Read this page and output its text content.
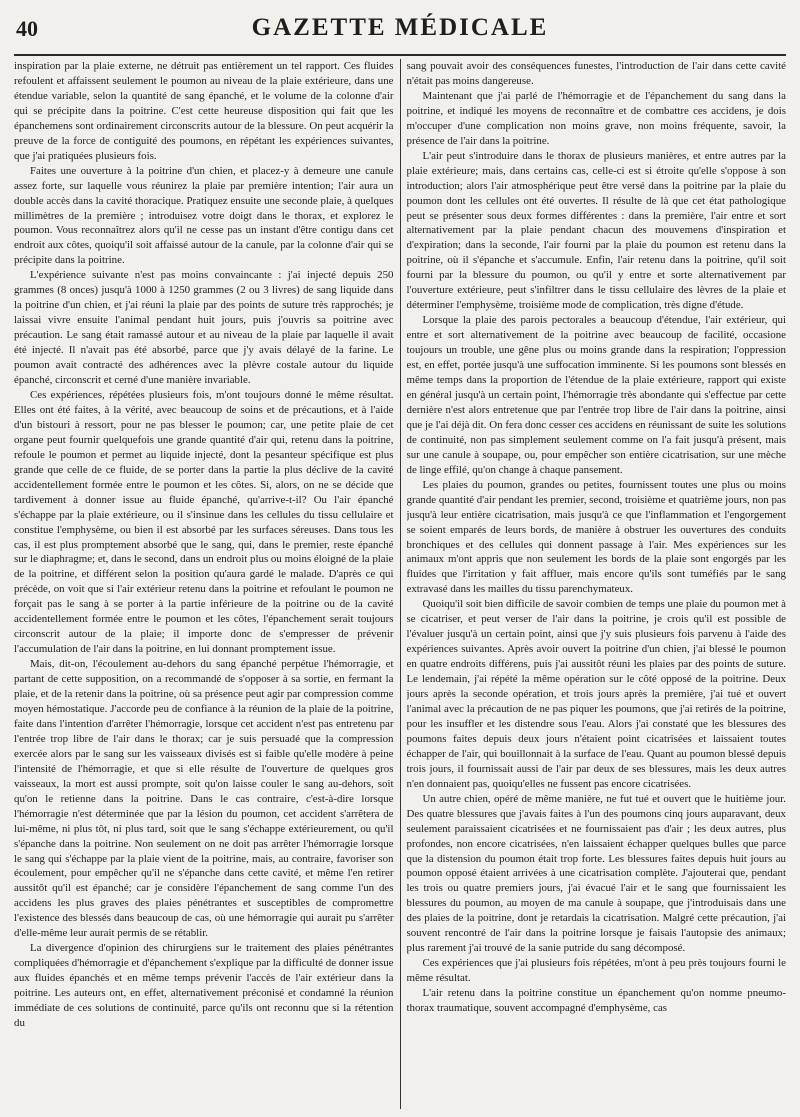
40	GAZETTE MÉDICALE

inspiration par la plaie externe, ne détruit pas entièrement un tel rapport. Ces fluides refoulent et affaissent seulement le poumon au niveau de la plaie extérieure, dans une étendue variable, selon la quantité de sang épanché, et le volume de la colonne d'air qui se précipite dans la poitrine. C'est cette heureuse disposition qui fait que les épanchemens sont ordinairement circonscrits autour de la blessure. On peut acquérir la preuve de la force de contiguité des poumons, en répétant les expériences suivantes, que j'ai pratiquées plusieurs fois.

Faites une ouverture à la poitrine d'un chien, et placez-y à demeure une canule assez forte, sur laquelle vous réunirez la plaie par première intention; l'air aura un double accès dans la cavité thoracique. Pratiquez ensuite une seconde plaie, à quelques millimètres de la première ; introduisez votre doigt dans le thorax, et explorez le poumon. Vous reconnaîtrez alors qu'il ne cesse pas un instant d'être contigu dans cet endroit aux côtes, quoiqu'il soit affaissé autour de la canule, par la colonne d'air qui se précipite dans la poitrine.

L'expérience suivante n'est pas moins convaincante : j'ai injecté depuis 250 grammes (8 onces) jusqu'à 1000 à 1250 grammes (2 ou 3 livres) de sang liquide dans la poitrine d'un chien, et j'ai réuni la plaie par des points de suture très rapprochés; je laissai vivre ensuite l'animal pendant huit jours, puis j'ouvris sa poitrine avec précaution. Le sang était ramassé autour et au niveau de la plaie par laquelle il avait été injecté. Il n'avait pas été absorbé, parce que j'y avais délayé de la farine. Le poumon avait contracté des adhérences avec la plèvre costale autour du liquide épanché, circonscrit et cerné d'une manière invariable.

Ces expériences, répétées plusieurs fois, m'ont toujours donné le même résultat. Elles ont été faites, à la vérité, avec beaucoup de soins et de précautions, et à l'aide d'un bistouri à ressort, pour ne pas blesser le poumon; car, une petite plaie de cet organe peut fournir quelquefois une grande quantité d'air qui, retenu dans la poitrine, refoule le poumon et permet au liquide injecté, dont la pesanteur spécifique est plus grande que celle de ce fluide, de se porter dans la partie la plus déclive de la cavité accidentellement formée entre le poumon et les côtes. Si, alors, on ne se décide que tardivement à donner issue au fluide épanché, qu'arrive-t-il? Ou l'air épanché s'échappe par la plaie extérieure, ou il s'insinue dans les cellules du tissu cellulaire et constitue l'emphysème, ou bien il est absorbé par les surfaces séreuses. Dans tous les cas, il est plus promptement absorbé que le sang, qui, dans le premier, reste épanché sur le diaphragme; et, dans le second, dans un endroit plus ou moins éloigné de la plaie de la poitrine, et différent selon la position qu'aura gardé le malade. D'après ce qui précède, on voit que si l'air extérieur retenu dans la poitrine et refoulant le poumon ne forçait pas le sang à se porter à la partie inférieure de la poitrine ou de la cavité accidentellement formée entre le poumon et les côtes, l'épanchement serait toujours circonscrit autour de la plaie; il importe donc de s'empresser de prévenir l'accumulation de l'air dans la poitrine, en lui donnant promptement issue.

Mais, dit-on, l'écoulement au-dehors du sang épanché perpétue l'hémorragie, et partant de cette supposition, on a recommandé de s'opposer à sa sortie, en fermant la plaie, et de la retenir dans la poitrine, où sa présence peut agir par compression comme moyen hémostatique. J'accorde peu de confiance à la réunion de la plaie de la poitrine, faite dans l'intention d'arrêter l'hémorragie, lorsque cet accident n'est pas entretenu par l'entrée trop libre de l'air dans le thorax; car je suis persuadé que la compression exercée alors par le sang sur les vaisseaux divisés est si faible qu'elle modère à peine l'intensité de l'hémorragie, et que si elle résulte de l'ouverture de quelques gros vaisseaux, la mort est aussi prompte, soit qu'on laisse couler le sang au-dehors, soit qu'on le retienne dans la poitrine. Dans le cas contraire, c'est-à-dire lorsque l'hémorragie n'est déterminée que par la lésion du poumon, cet accident s'arrêtera de lui-même, ni plus tôt, ni plus tard, soit que le sang s'échappe extérieurement, ou qu'il s'épanche dans la poitrine. Non seulement on ne doit pas arrêter l'hémorragie lorsque le sang qui s'échappe par la plaie vient de la poitrine, mais, au contraire, favoriser son écoulement, pour empêcher qu'il ne s'épanche dans cette cavité, et même l'en retirer aussitôt qu'il est épanché; car je considère l'épanchement de sang comme l'un des accidens les plus graves des plaies pénétrantes et susceptibles de compromettre l'existence des blessés dans beaucoup de cas, où une hémorragie qui aurait pu s'arrêter d'elle-même leur aurait permis de se rétablir.

La divergence d'opinion des chirurgiens sur le traitement des plaies pénétrantes compliquées d'hémorragie et d'épanchement s'explique par la difficulté de donner issue aux fluides épanchés et en même temps prévenir l'accès de l'air extérieur dans la poitrine. Les auteurs ont, en effet, alternativement préconisé et condamné la réunion immédiate de ces solutions de continuité, parce qu'ils ont reconnu que si la rétention du

sang pouvait avoir des conséquences funestes, l'introduction de l'air dans cette cavité n'était pas moins dangereuse.

Maintenant que j'ai parlé de l'hémorragie et de l'épanchement du sang dans la poitrine, et indiqué les moyens de reconnaître et de combattre ces accidens, je dois m'occuper d'une complication non moins grave, non moins fréquente, savoir, la présence de l'air dans la poitrine.

L'air peut s'introduire dans le thorax de plusieurs manières, et entre autres par la plaie extérieure; mais, dans certains cas, celle-ci est si étroite qu'elle s'oppose à son introduction; alors l'air atmosphérique peut être versé dans la poitrine par la plaie du poumon dont les cellules ont été ouvertes. Il résulte de là que cet état pathologique peut se présenter sous deux formes différentes : dans la première, l'air entre et sort alternativement par la plaie pendant chacun des mouvemens d'inspiration et d'expiration; dans la seconde, l'air fourni par la plaie du poumon est retenu dans la poitrine, où il s'épanche et s'accumule. Enfin, l'air retenu dans la poitrine, qu'il soit fourni par la blessure du poumon, ou qu'il y entre et sorte alternativement par l'ouverture extérieure, peut s'infiltrer dans le tissu cellulaire des lèvres de la plaie et déterminer l'emphysème, troisième mode de complication, très digne d'étude.

Lorsque la plaie des parois pectorales a beaucoup d'étendue, l'air extérieur, qui entre et sort alternativement de la poitrine avec beaucoup de facilité, occasione toujours un trouble, une gêne plus ou moins grande dans la respiration; l'oppression est, en effet, portée jusqu'à une suffocation imminente. Si les poumons sont blessés en même temps dans la proportion de l'étendue de la plaie extérieure, rapport qui existe en général jusqu'à un certain point, l'hémorragie très abondante qui s'effectue par cette dernière n'est alors entretenue que par l'entrée trop libre de l'air dans la poitrine, ainsi que je l'ai déjà dit. On fera donc cesser ces accidens en réunissant de suite les solutions de continuité, non pas simplement seulement comme on l'a fait jusqu'à présent, mais sur une canule à soupape, ou, pour empêcher son entière cicatrisation, sur une mèche de linge effilé, qu'on change à chaque pansement.

Les plaies du poumon, grandes ou petites, fournissent toutes une plus ou moins grande quantité d'air pendant les premier, second, troisième et quatrième jours, non pas jusqu'à leur entière cicatrisation, mais jusqu'à ce que l'inflammation et l'engorgement se soient emparés de leurs bords, de manière à obstruer les ouvertures des conduits bronchiques et des cellules qui donnent passage à l'air. Mes expériences sur les animaux m'ont appris que non seulement les bords de la plaie sont engorgés par les fluides que l'irritation y fait affluer, mais encore qu'ils sont tuméfiés par le sang extravasé dans les mailles du tissu parenchymateux.

Quoiqu'il soit bien difficile de savoir combien de temps une plaie du poumon met à se cicatriser, et peut verser de l'air dans la poitrine, je crois qu'il est possible de l'évaluer jusqu'à un certain point, ainsi que j'y suis plusieurs fois parvenu à l'aide des expériences suivantes. Après avoir ouvert la poitrine d'un chien, j'ai blessé le poumon en quatre endroits différens, puis j'ai aussitôt réuni les plaies par des points de suture. Le lendemain, j'ai répété la même opération sur le côté opposé de la poitrine. Deux jours après la seconde opération, et trois jours après la première, j'ai tué et ouvert l'animal avec la précaution de ne pas piquer les poumons, que j'ai retirés de la poitrine, pour les insuffler et les distendre sous l'eau. Alors j'ai constaté que les blessures des poumons faites depuis deux jours n'étaient point cicatrisées et laissaient toutes échapper de l'air, qui bouillonnait à la surface de l'eau. Quant au poumon blessé depuis trois jours, il fournissait aussi de l'air par deux de ses blessures, mais les deux autres n'en donnaient pas, quoiqu'elles ne fussent pas encore cicatrisées.

Un autre chien, opéré de même manière, ne fut tué et ouvert que le huitième jour. Des quatre blessures que j'avais faites à l'un des poumons cinq jours auparavant, deux seulement paraissaient cicatrisées et ne fournissaient pas d'air ; les deux autres, plus profondes, non encore cicatrisées, n'en laissaient échapper quelques bulles que parce que la distension du poumon était trop forte. Les blessures faites depuis huit jours au poumon opposé étaient arrivées à une cicatrisation complète. J'ajouterai que, pendant les trois ou quatre premiers jours, j'ai évacué l'air et le sang que fournissaient les blessures du poumon, au moyen de ma canule à soupape, que j'introduisais dans une des plaies de la poitrine, dont je retardais la cicatrisation. Malgré cette précaution, j'ai souvent rencontré de l'air dans la poitrine lorsque je faisais l'autopsie des animaux; plus rarement j'ai trouvé de la sanie putride du sang décomposé.

Ces expériences que j'ai plusieurs fois répétées, m'ont à peu près toujours fourni le même résultat.

L'air retenu dans la poitrine constitue un épanchement qu'on nomme pneumo-thorax traumatique, souvent accompagné d'emphysème, cas
